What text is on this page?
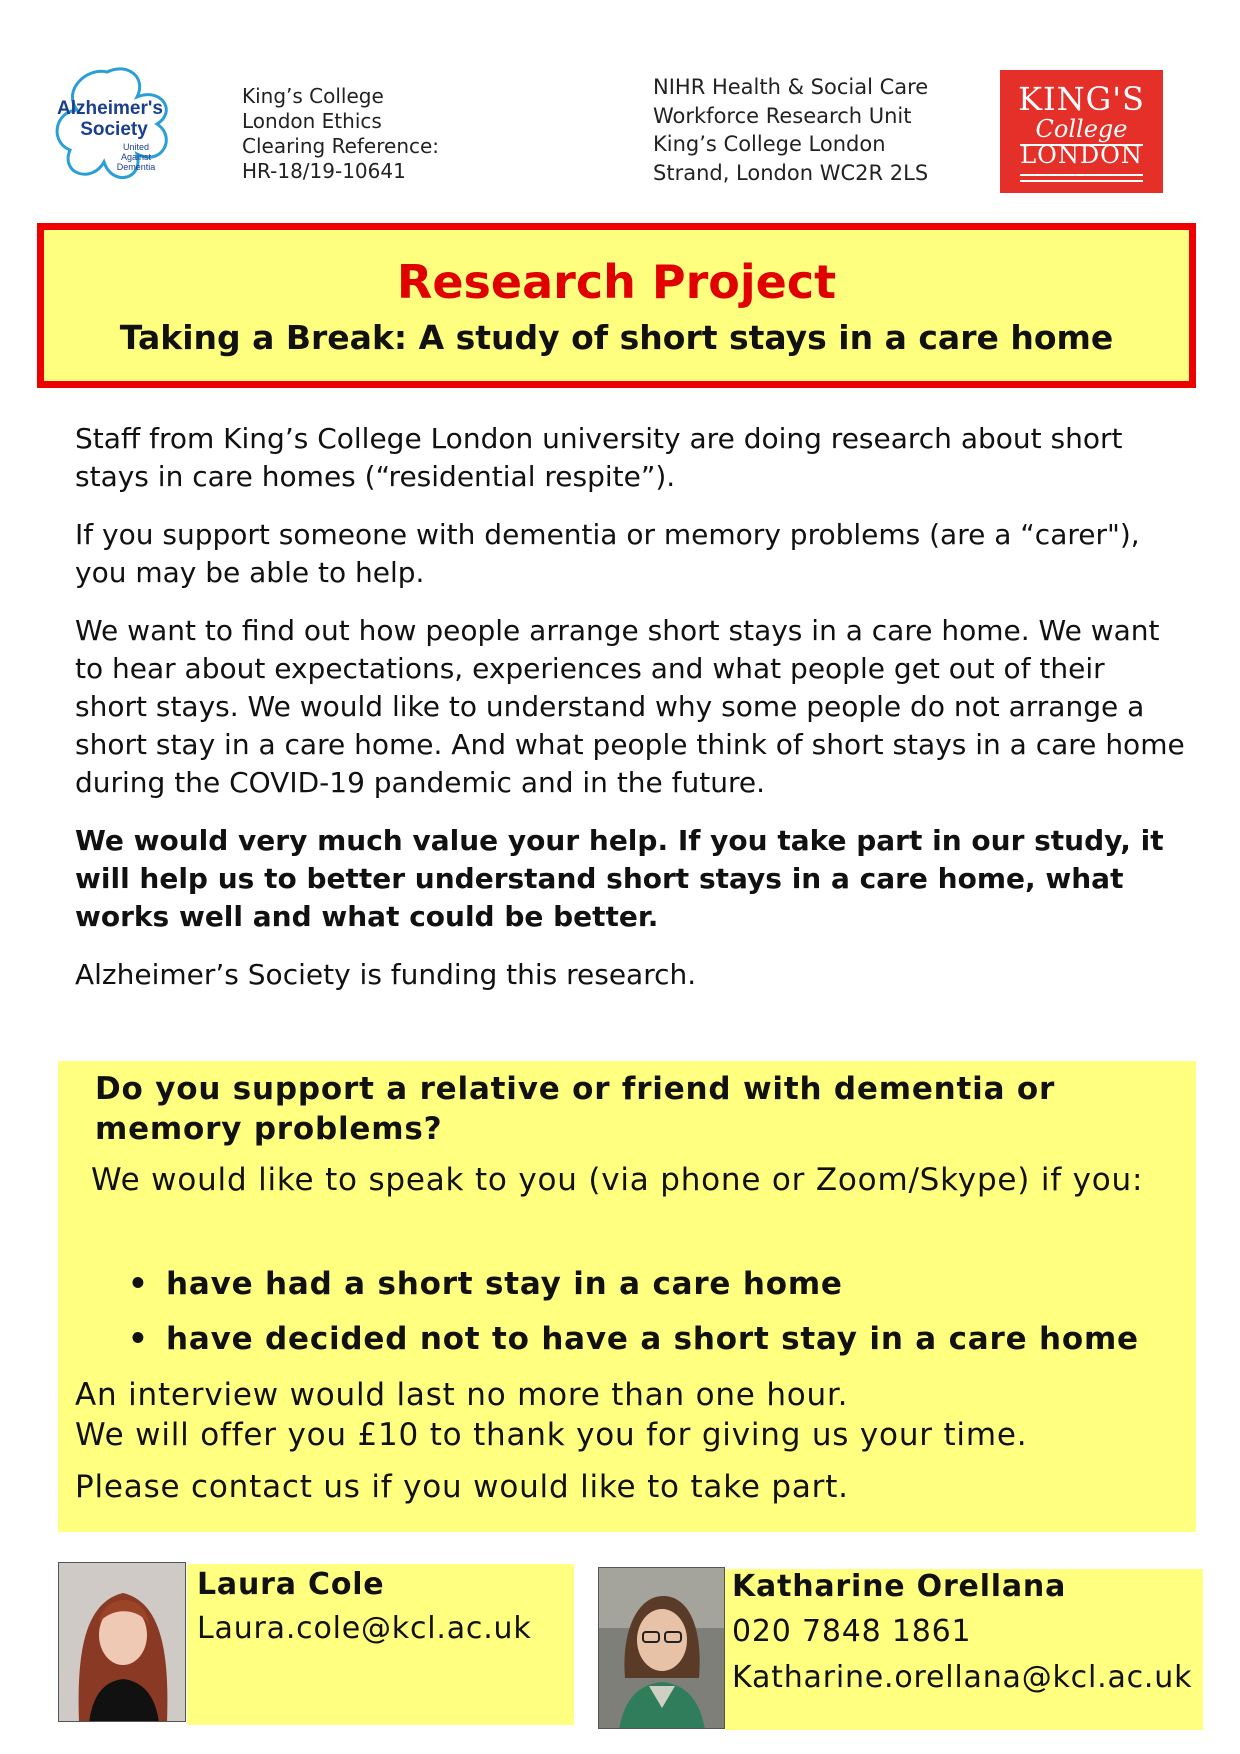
Alzheimer's
Society
United
Against
Dementia
King’s College
London Ethics
Clearing Reference:
HR-18/19-10641
NIHR Health & Social Care
Workforce Research Unit
King’s College London
Strand, London WC2R 2LS
KING'S
College
LONDON
Research Project
Taking a Break: A study of short stays in a care home

Staff from King’s College London university are doing research about short stays in care homes (“residential respite”).

If you support someone with dementia or memory problems (are a “carer"), you may be able to help.

We want to find out how people arrange short stays in a care home. We want to hear about expectations, experiences and what people get out of their short stays. We would like to understand why some people do not arrange a short stay in a care home. And what people think of short stays in a care home during the COVID-19 pandemic and in the future.

We would very much value your help. If you take part in our study, it will help us to better understand short stays in a care home, what works well and what could be better.

Alzheimer’s Society is funding this research.

Do you support a relative or friend with dementia or memory problems?
We would like to speak to you (via phone or Zoom/Skype) if you:
• have had a short stay in a care home
• have decided not to have a short stay in a care home
An interview would last no more than one hour.
We will offer you £10 to thank you for giving us your time.
Please contact us if you would like to take part.
Laura Cole
Laura.cole@kcl.ac.uk
Katharine Orellana
020 7848 1861
Katharine.orellana@kcl.ac.uk
